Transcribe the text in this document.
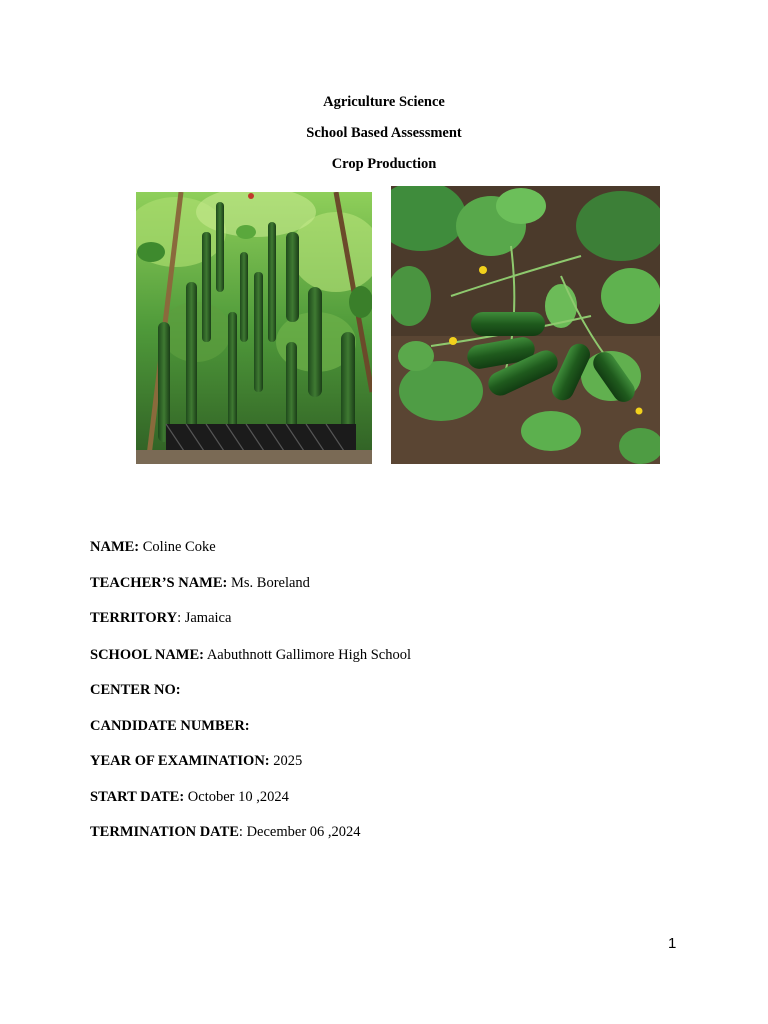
Agriculture Science
School Based Assessment
Crop Production
NAME: Coline Coke
TEACHER’S NAME: Ms. Boreland
TERRITORY: Jamaica
SCHOOL NAME: Aabuthnott Gallimore High School
CENTER NO:
CANDIDATE NUMBER:
YEAR OF EXAMINATION: 2025
START DATE: October 10 ,2024
TERMINATION DATE: December 06 ,2024
1
